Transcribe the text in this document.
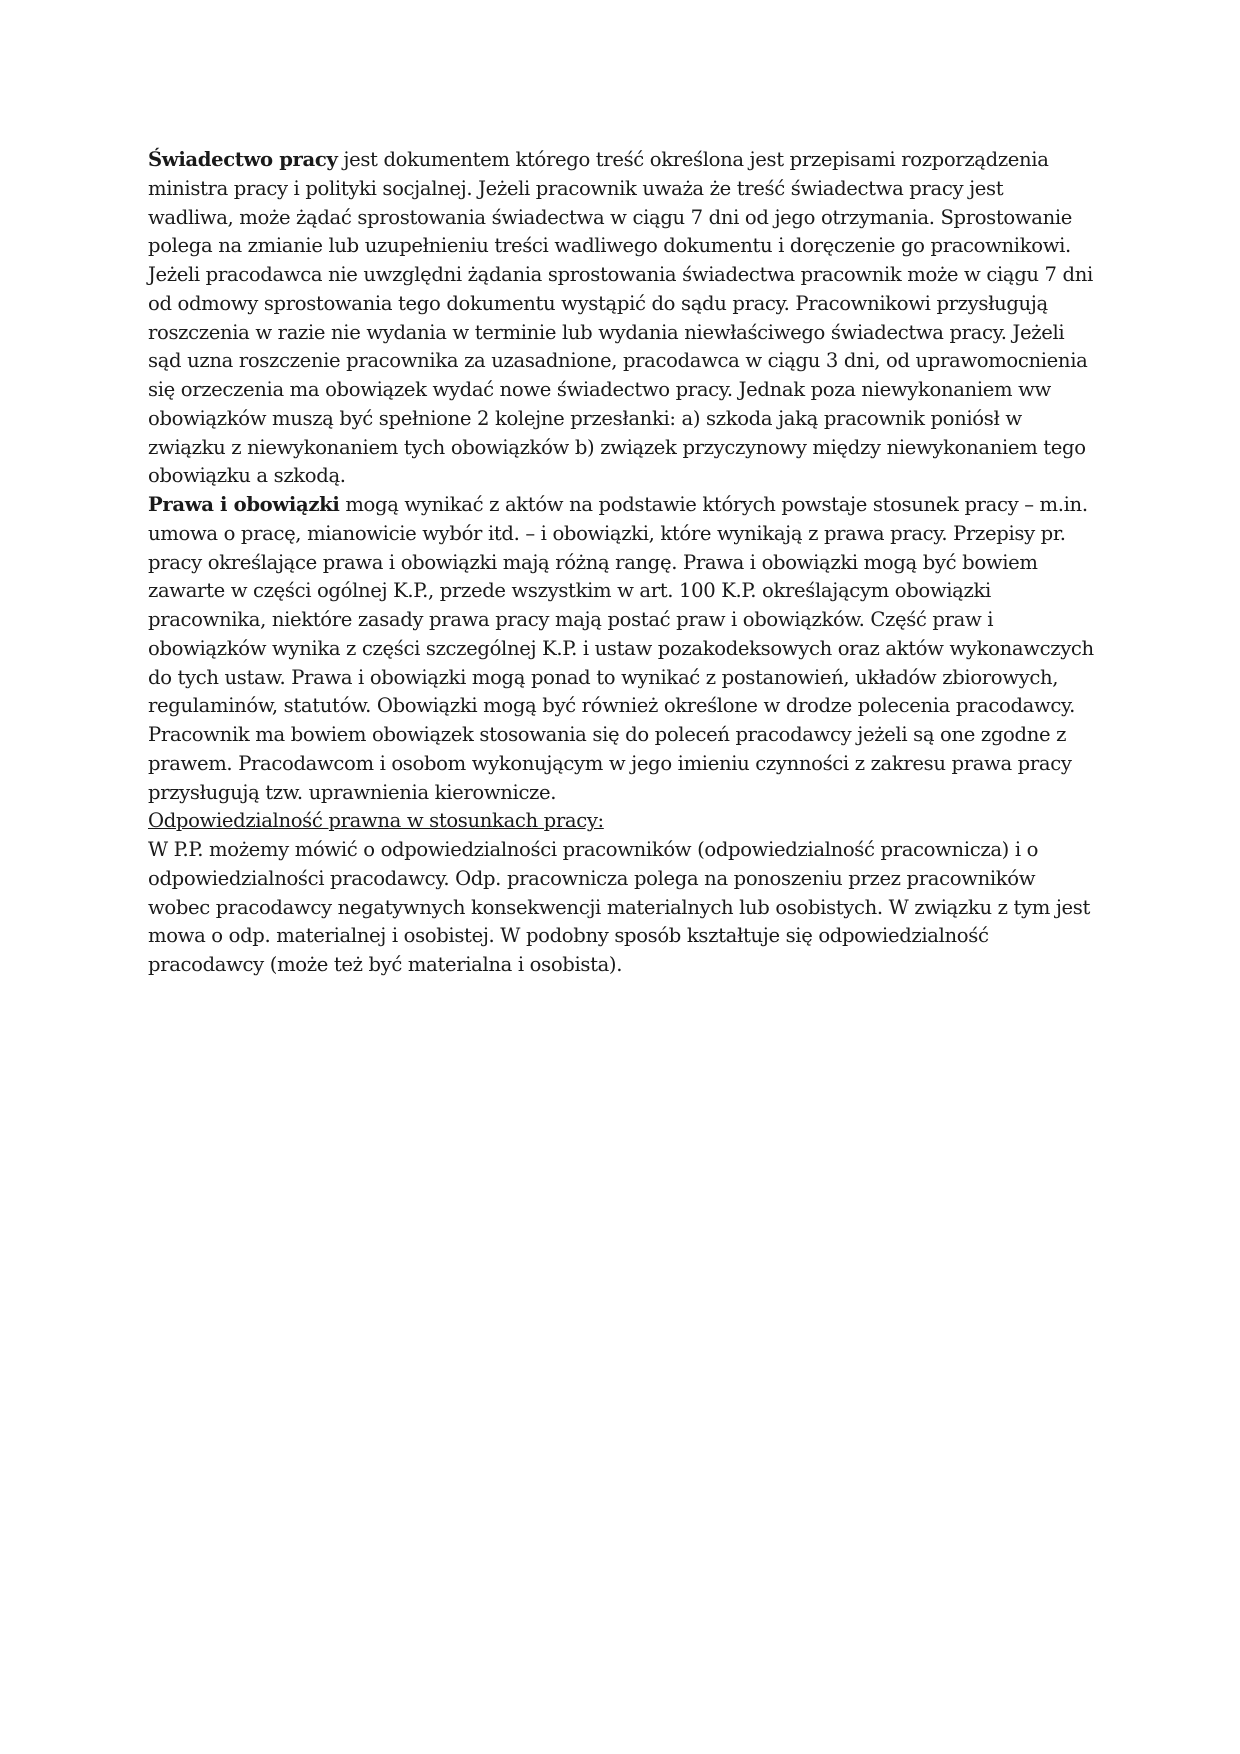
Świadectwo pracy jest dokumentem którego treść określona jest przepisami rozporządzenia ministra pracy i polityki socjalnej. Jeżeli pracownik uważa że treść świadectwa pracy jest wadliwa, może żądać sprostowania świadectwa w ciągu 7 dni od jego otrzymania. Sprostowanie polega na zmianie lub uzupełnieniu treści wadliwego dokumentu i doręczenie go pracownikowi. Jeżeli pracodawca nie uwzględni żądania sprostowania świadectwa pracownik może w ciągu 7 dni od odmowy sprostowania tego dokumentu wystąpić do sądu pracy. Pracownikowi przysługują roszczenia w razie nie wydania w terminie lub wydania niewłaściwego świadectwa pracy. Jeżeli sąd uzna roszczenie pracownika za uzasadnione, pracodawca w ciągu 3 dni, od uprawomocnienia się orzeczenia ma obowiązek wydać nowe świadectwo pracy. Jednak poza niewykonaniem ww obowiązków muszą być spełnione 2 kolejne przesłanki: a) szkoda jaką pracownik poniósł w związku z niewykonaniem tych obowiązków b) związek przyczynowy między niewykonaniem tego obowiązku a szkodą.

Prawa i obowiązki mogą wynikać z aktów na podstawie których powstaje stosunek pracy – m.in. umowa o pracę, mianowicie wybór itd. – i obowiązki, które wynikają z prawa pracy. Przepisy pr. pracy określające prawa i obowiązki mają różną rangę. Prawa i obowiązki mogą być bowiem zawarte w części ogólnej K.P., przede wszystkim w art. 100 K.P. określającym obowiązki pracownika, niektóre zasady prawa pracy mają postać praw i obowiązków. Część praw i obowiązków wynika z części szczególnej K.P. i ustaw pozakodeksowych oraz aktów wykonawczych do tych ustaw. Prawa i obowiązki mogą ponad to wynikać z postanowień, układów zbiorowych, regulaminów, statutów. Obowiązki mogą być również określone w drodze polecenia pracodawcy. Pracownik ma bowiem obowiązek stosowania się do poleceń pracodawcy jeżeli są one zgodne z prawem. Pracodawcom i osobom wykonującym w jego imieniu czynności z zakresu prawa pracy przysługują tzw. uprawnienia kierownicze.

Odpowiedzialność prawna w stosunkach pracy:

W P.P. możemy mówić o odpowiedzialności pracowników (odpowiedzialność pracownicza) i o odpowiedzialności pracodawcy. Odp. pracownicza polega na ponoszeniu przez pracowników wobec pracodawcy negatywnych konsekwencji materialnych lub osobistych. W związku z tym jest mowa o odp. materialnej i osobistej. W podobny sposób kształtuje się odpowiedzialność pracodawcy (może też być materialna i osobista).
